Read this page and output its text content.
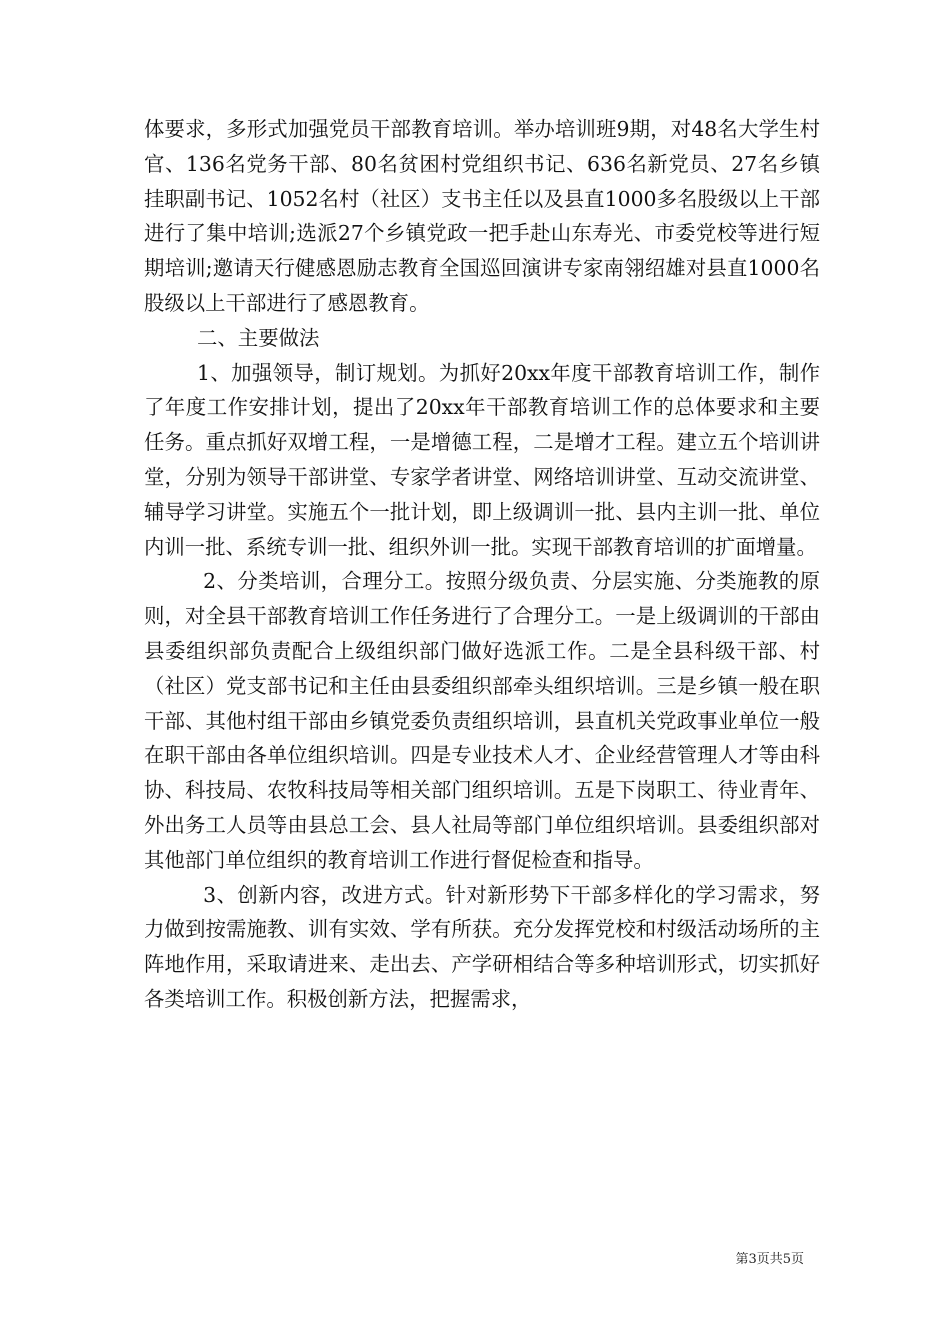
体要求，多形式加强党员干部教育培训。举办培训班9期，对48名大学生村官、136名党务干部、80名贫困村党组织书记、636名新党员、27名乡镇挂职副书记、1052名村（社区）支书主任以及县直1000多名股级以上干部进行了集中培训;选派27个乡镇党政一把手赴山东寿光、市委党校等进行短期培训;邀请天行健感恩励志教育全国巡回演讲专家南翎绍雄对县直1000名股级以上干部进行了感恩教育。

二、主要做法

1、加强领导，制订规划。为抓好20xx年度干部教育培训工作，制作了年度工作安排计划，提出了20xx年干部教育培训工作的总体要求和主要任务。重点抓好双增工程，一是增德工程，二是增才工程。建立五个培训讲堂，分别为领导干部讲堂、专家学者讲堂、网络培训讲堂、互动交流讲堂、辅导学习讲堂。实施五个一批计划，即上级调训一批、县内主训一批、单位内训一批、系统专训一批、组织外训一批。实现干部教育培训的扩面增量。

2、分类培训，合理分工。按照分级负责、分层实施、分类施教的原则，对全县干部教育培训工作任务进行了合理分工。一是上级调训的干部由县委组织部负责配合上级组织部门做好选派工作。二是全县科级干部、村（社区）党支部书记和主任由县委组织部牵头组织培训。三是乡镇一般在职干部、其他村组干部由乡镇党委负责组织培训，县直机关党政事业单位一般在职干部由各单位组织培训。四是专业技术人才、企业经营管理人才等由科协、科技局、农牧科技局等相关部门组织培训。五是下岗职工、待业青年、外出务工人员等由县总工会、县人社局等部门单位组织培训。县委组织部对其他部门单位组织的教育培训工作进行督促检查和指导。

3、创新内容，改进方式。针对新形势下干部多样化的学习需求，努力做到按需施教、训有实效、学有所获。充分发挥党校和村级活动场所的主阵地作用，采取请进来、走出去、产学研相结合等多种培训形式，切实抓好各类培训工作。积极创新方法，把握需求，

第3页共5页
